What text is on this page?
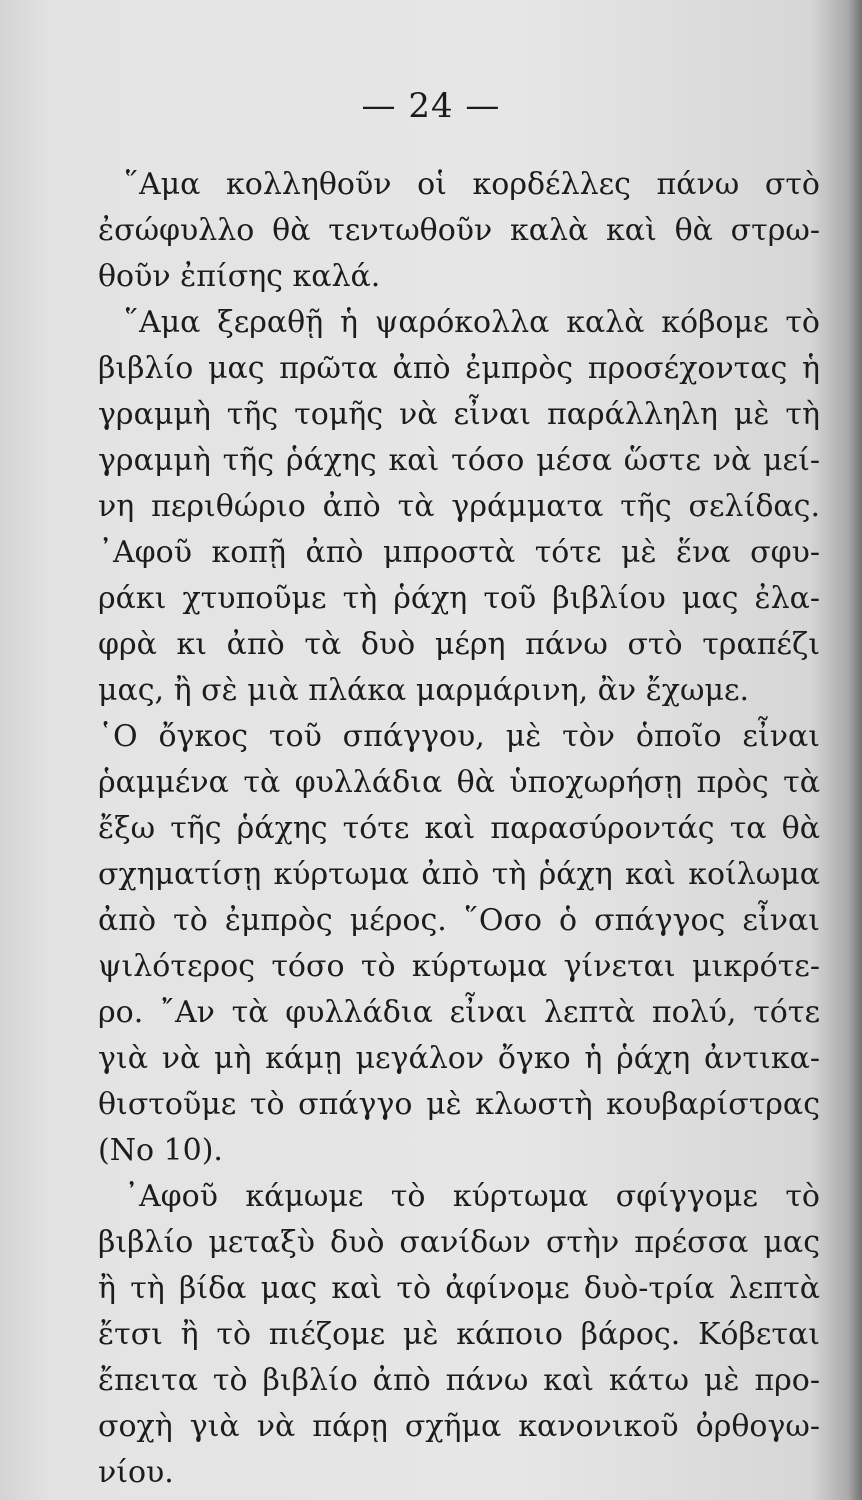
— 24 —
῞Αμα κολληθοῦν οἱ κορδέλλες πάνω στὸ
ἐσώφυλλο θὰ τεντωθοῦν καλὰ καὶ θὰ στρω-
θοῦν ἐπίσης καλά.
῞Αμα ξεραθῇ ἡ ψαρόκολλα καλὰ κόβομε τὸ
βιβλίο μας πρῶτα ἀπὸ ἐμπρὸς προσέχοντας ἡ
γραμμὴ τῆς τομῆς νὰ εἶναι παράλληλη μὲ τὴ
γραμμὴ τῆς ῥάχης καὶ τόσο μέσα ὥστε νὰ μεί-
νη περιθώριο ἀπὸ τὰ γράμματα τῆς σελίδας.
᾿Αφοῦ κοπῇ ἀπὸ μπροστὰ τότε μὲ ἕνα σφυ-
ράκι χτυποῦμε τὴ ῥάχη τοῦ βιβλίου μας ἐλα-
φρὰ κι ἀπὸ τὰ δυὸ μέρη πάνω στὸ τραπέζι
μας, ἢ σὲ μιὰ πλάκα μαρμάρινη, ἂν ἔχωμε.
῾Ο ὄγκος τοῦ σπάγγου, μὲ τὸν ὁποῖο εἶναι
ῥαμμένα τὰ φυλλάδια θὰ ὑποχωρήσῃ πρὸς τὰ
ἔξω τῆς ῥάχης τότε καὶ παρασύροντάς τα θὰ
σχηματίσῃ κύρτωμα ἀπὸ τὴ ῥάχη καὶ κοίλωμα
ἀπὸ τὸ ἐμπρὸς μέρος. ῞Οσο ὁ σπάγγος εἶναι
ψιλότερος τόσο τὸ κύρτωμα γίνεται μικρότε-
ρο. ῎Αν τὰ φυλλάδια εἶναι λεπτὰ πολύ, τότε
γιὰ νὰ μὴ κάμῃ μεγάλον ὄγκο ἡ ῥάχη ἀντικα-
θιστοῦμε τὸ σπάγγο μὲ κλωστὴ κουβαρίστρας
(Νο 10).
᾿Αφοῦ κάμωμε τὸ κύρτωμα σφίγγομε τὸ
βιβλίο μεταξὺ δυὸ σανίδων στὴν πρέσσα μας
ἢ τὴ βίδα μας καὶ τὸ ἀφίνομε δυὸ-τρία λεπτὰ
ἔτσι ἢ τὸ πιέζομε μὲ κάποιο βάρος. Κόβεται
ἔπειτα τὸ βιβλίο ἀπὸ πάνω καὶ κάτω μὲ προ-
σοχὴ γιὰ νὰ πάρῃ σχῆμα κανονικοῦ ὀρθογω-
νίου.
